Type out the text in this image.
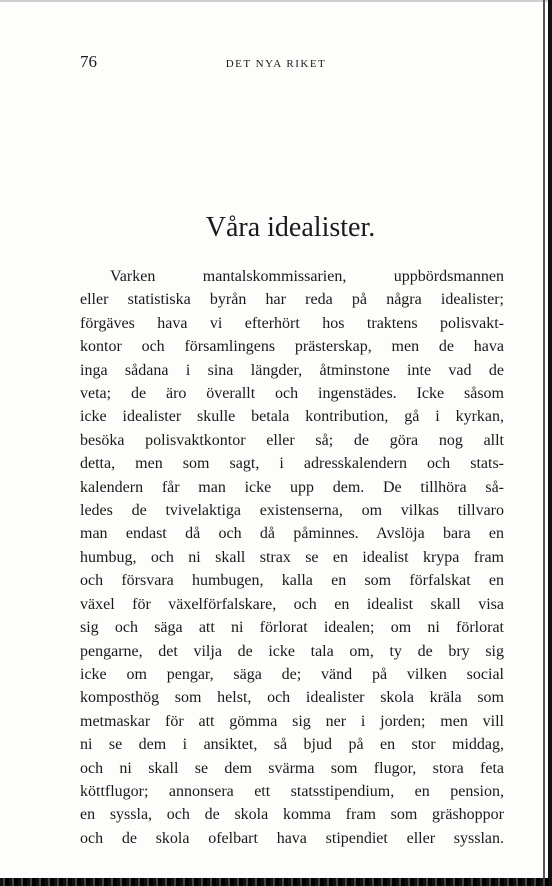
76	DET NYA RIKET
Våra idealister.
Varken mantalskommissarien, uppbördsmannen
eller statistiska byrån har reda på några idealister;
förgäves hava vi efterhört hos traktens polisvakt-
kontor och församlingens prästerskap, men de hava
inga sådana i sina längder, åtminstone inte vad de
veta; de äro överallt och ingenstädes. Icke såsom
icke idealister skulle betala kontribution, gå i kyrkan,
besöka polisvaktkontor eller så; de göra nog allt
detta, men som sagt, i adresskalendern och stats-
kalendern får man icke upp dem. De tillhöra så-
ledes de tvivelaktiga existenserna, om vilkas tillvaro
man endast då och då påminnes. Avslöja bara en
humbug, och ni skall strax se en idealist krypa fram
och försvara humbugen, kalla en som förfalskat en
växel för växelförfalskare, och en idealist skall visa
sig och säga att ni förlorat idealen; om ni förlorat
pengarne, det vilja de icke tala om, ty de bry sig
icke om pengar, säga de; vänd på vilken social
komposthög som helst, och idealister skola kräla som
metmaskar för att gömma sig ner i jorden; men vill
ni se dem i ansiktet, så bjud på en stor middag,
och ni skall se dem svärma som flugor, stora feta
köttflugor; annonsera ett statsstipendium, en pension,
en syssla, och de skola komma fram som gräshoppor
och de skola ofelbart hava stipendiet eller sysslan.
